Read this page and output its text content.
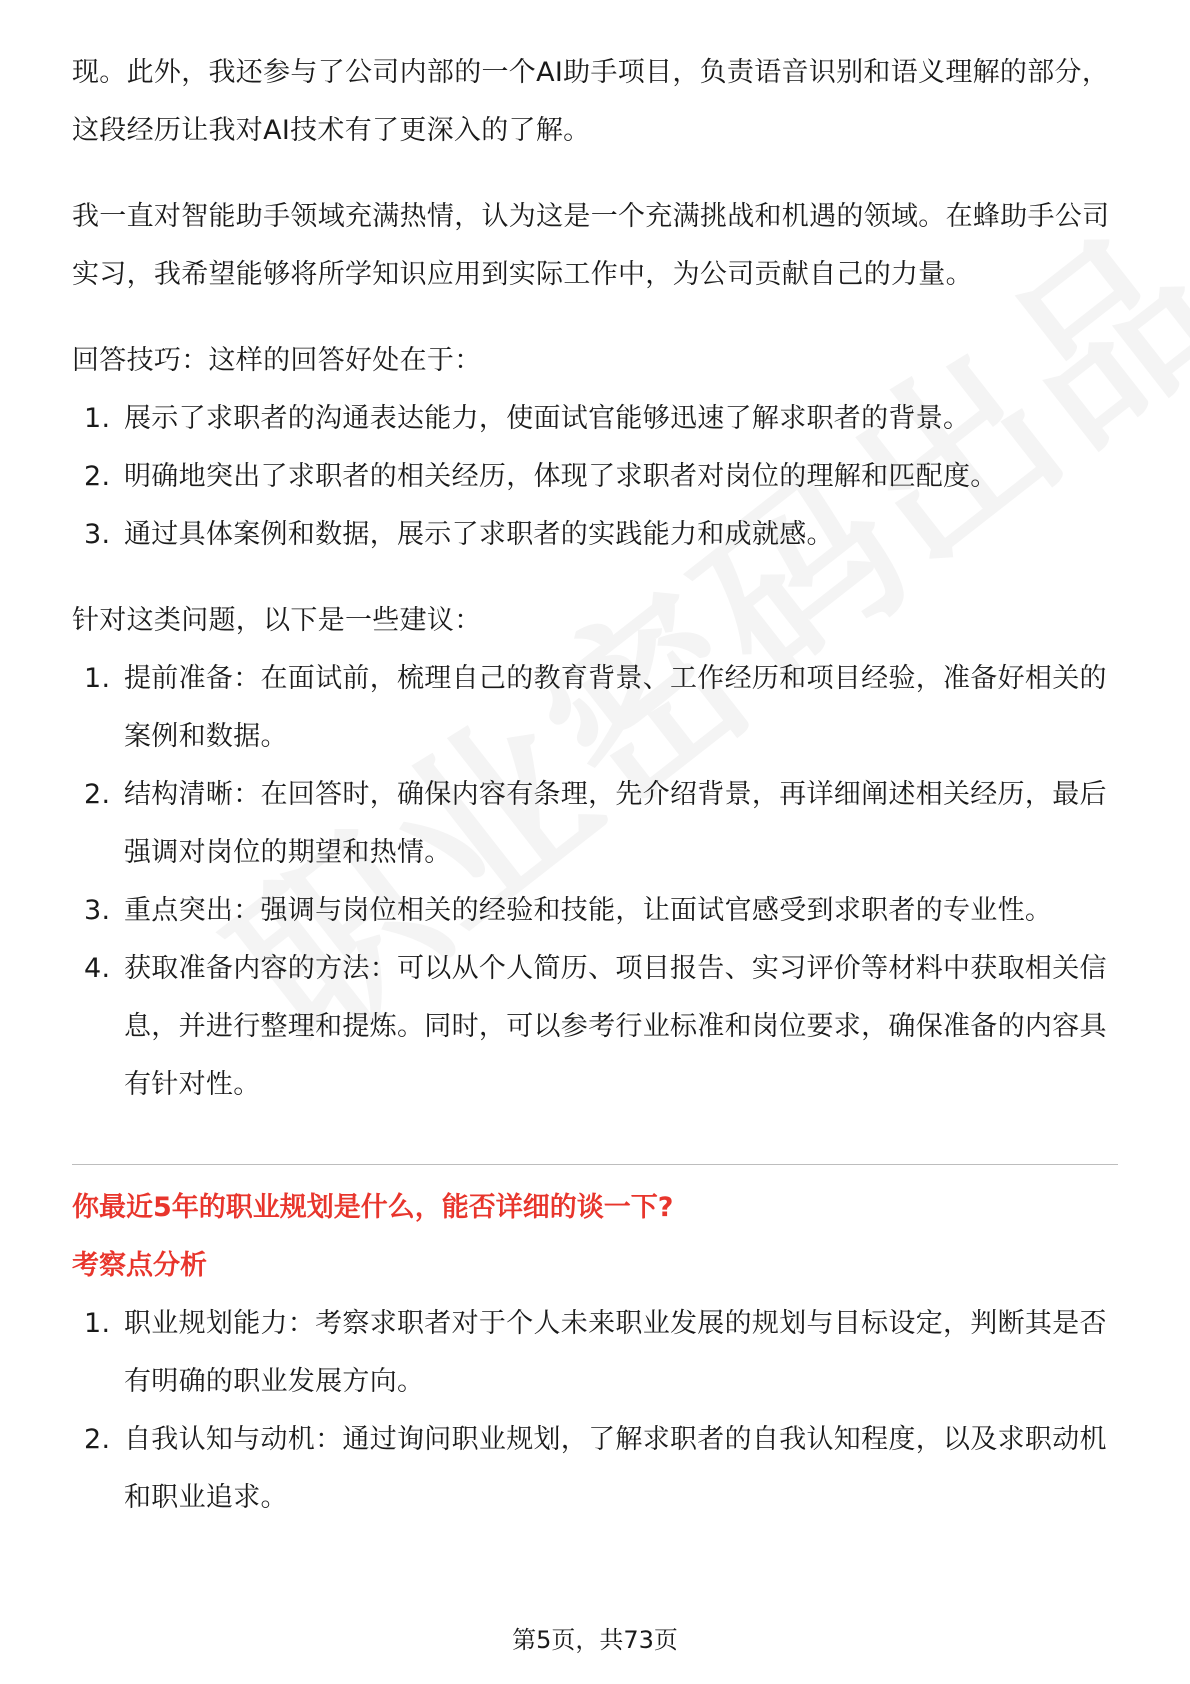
现。此外，我还参与了公司内部的一个AI助手项目，负责语音识别和语义理解的部分，这段经历让我对AI技术有了更深入的了解。

我一直对智能助手领域充满热情，认为这是一个充满挑战和机遇的领域。在蜂助手公司实习，我希望能够将所学知识应用到实际工作中，为公司贡献自己的力量。

回答技巧：这样的回答好处在于：

1. 展示了求职者的沟通表达能力，使面试官能够迅速了解求职者的背景。
2. 明确地突出了求职者的相关经历，体现了求职者对岗位的理解和匹配度。
3. 通过具体案例和数据，展示了求职者的实践能力和成就感。

针对这类问题，以下是一些建议：

1. 提前准备：在面试前，梳理自己的教育背景、工作经历和项目经验，准备好相关的案例和数据。
2. 结构清晰：在回答时，确保内容有条理，先介绍背景，再详细阐述相关经历，最后强调对岗位的期望和热情。
3. 重点突出：强调与岗位相关的经验和技能，让面试官感受到求职者的专业性。
4. 获取准备内容的方法：可以从个人简历、项目报告、实习评价等材料中获取相关信息，并进行整理和提炼。同时，可以参考行业标准和岗位要求，确保准备的内容具有针对性。

你最近5年的职业规划是什么，能否详细的谈一下?

考察点分析

1. 职业规划能力：考察求职者对于个人未来职业发展的规划与目标设定，判断其是否有明确的职业发展方向。
2. 自我认知与动机：通过询问职业规划，了解求职者的自我认知程度，以及求职动机和职业追求。
第5页，共73页
